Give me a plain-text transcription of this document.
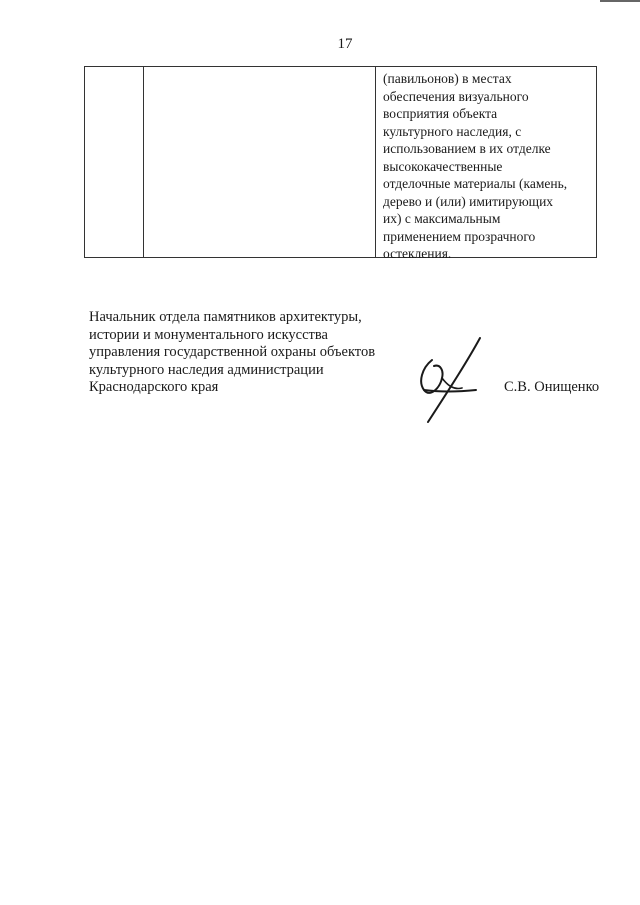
17
(павильонов) в местах
обеспечения визуального
восприятия объекта
культурного наследия, с
использованием в их отделке
высококачественные
отделочные материалы (камень,
дерево и (или) имитирующих
их) с максимальным
применением прозрачного
остекления.
Начальник отдела памятников архитектуры,
истории и монументального искусства
управления государственной охраны объектов
культурного наследия администрации
Краснодарского края	С.В. Онищенко
